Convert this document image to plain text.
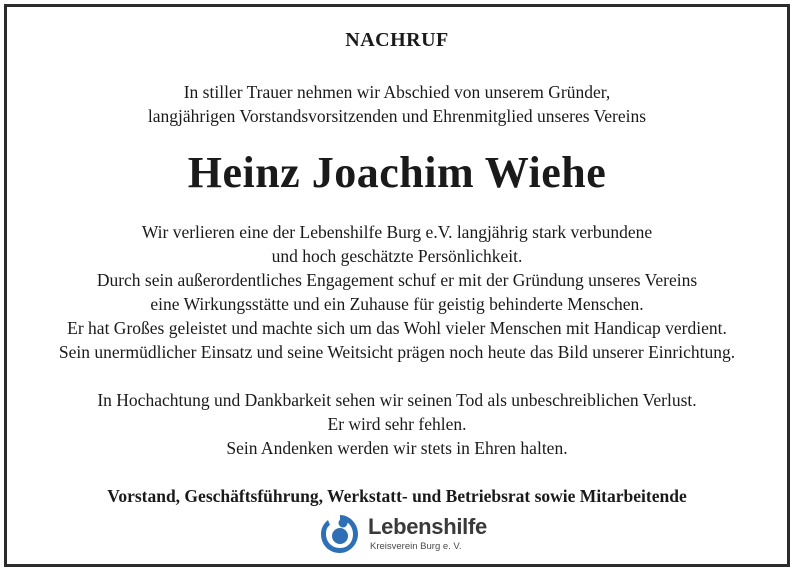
NACHRUF
In stiller Trauer nehmen wir Abschied von unserem Gründer,
langjährigen Vorstandsvorsitzenden und Ehrenmitglied unseres Vereins
Heinz Joachim Wiehe
Wir verlieren eine der Lebenshilfe Burg e.V. langjährig stark verbundene
und hoch geschätzte Persönlichkeit.
Durch sein außerordentliches Engagement schuf er mit der Gründung unseres Vereins
eine Wirkungsstätte und ein Zuhause für geistig behinderte Menschen.
Er hat Großes geleistet und machte sich um das Wohl vieler Menschen mit Handicap verdient.
Sein unermüdlicher Einsatz und seine Weitsicht prägen noch heute das Bild unserer Einrichtung.
In Hochachtung und Dankbarkeit sehen wir seinen Tod als unbeschreiblichen Verlust.
Er wird sehr fehlen.
Sein Andenken werden wir stets in Ehren halten.
Vorstand, Geschäftsführung, Werkstatt- und Betriebsrat sowie Mitarbeitende
Lebenshilfe
Kreisverein Burg e. V.
